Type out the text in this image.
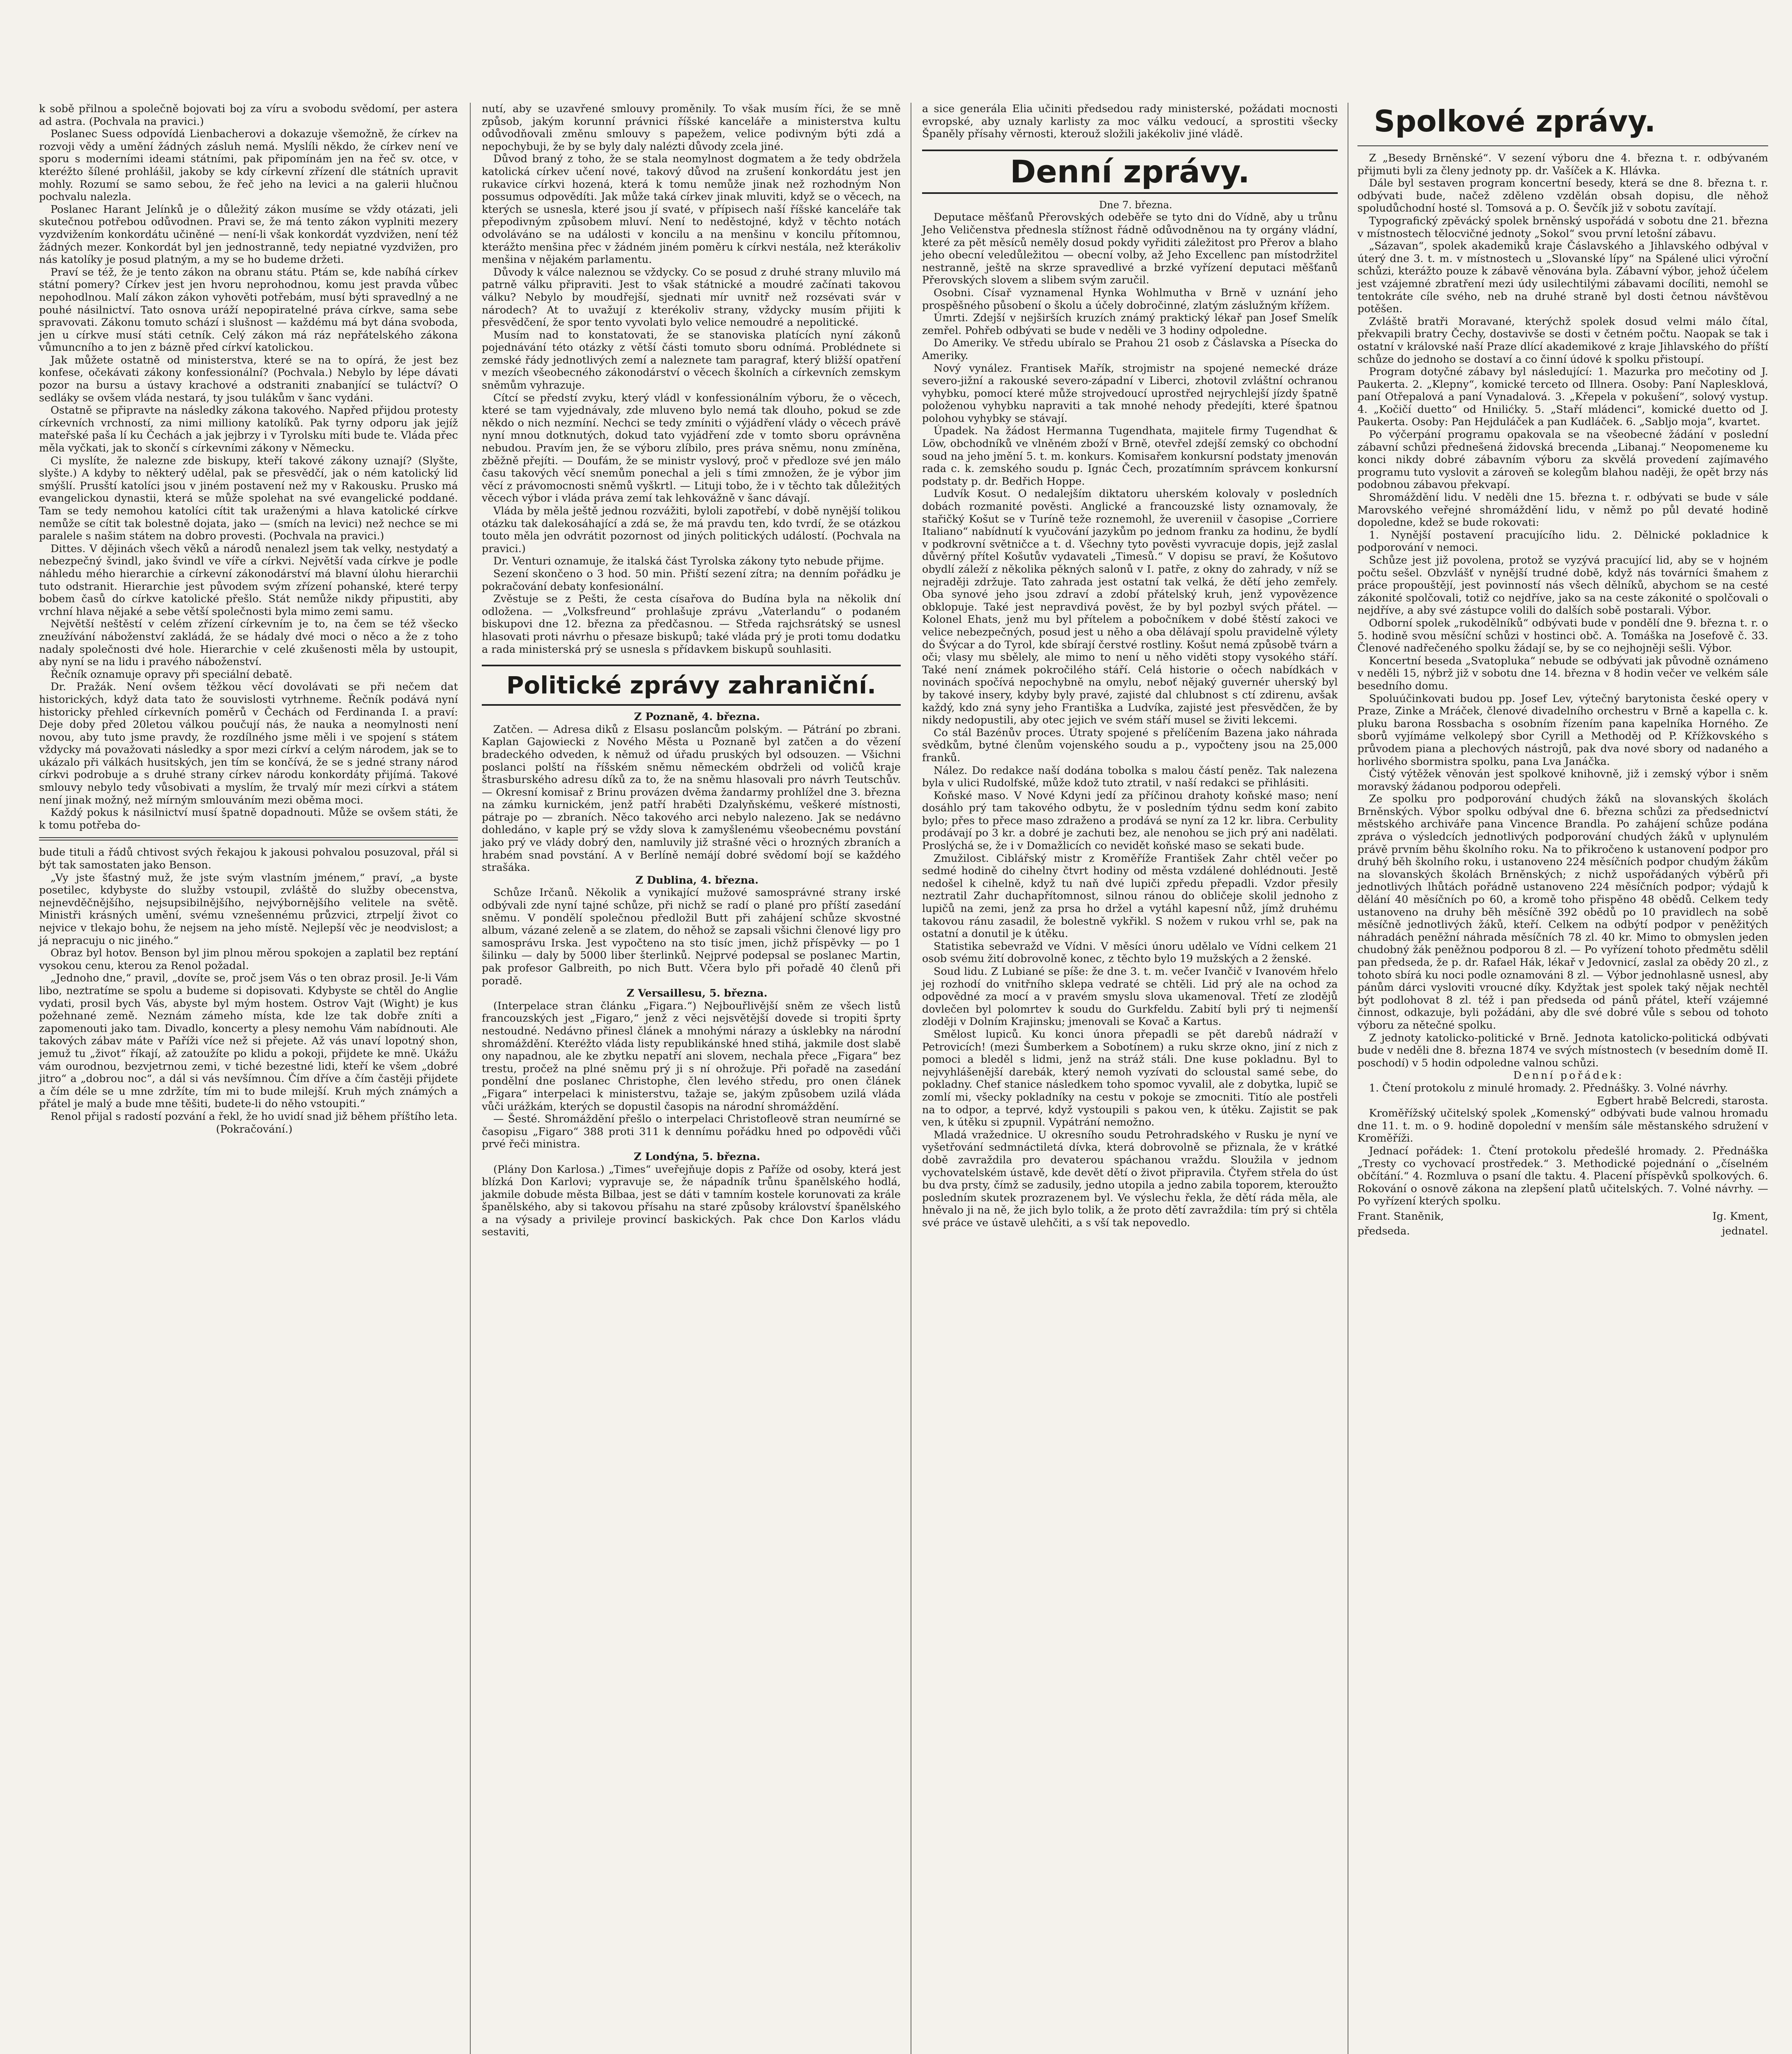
k sobě přilnou a společně bojovati boj za víru a svobodu svědomí, per astera ad astra. (Pochvala na pravici.)

Poslanec Suess odpovídá Lienbacherovi a dokazuje všemožně, že církev na rozvoji vědy a umění žádných zásluh nemá. Myslíli někdo, že církev není ve sporu s moderními ideami státními, pak připomínám jen na řeč sv. otce, v kteréžto šílené prohlášil, jakoby se kdy církevní zřízení dle státních upravit mohly. Rozumí se samo sebou, že řeč jeho na levici a na galerii hlučnou pochvalu nalezla.

Poslanec Harant Jelínků je o důležitý zákon musíme se vždy otázati, jeli skutečnou potřebou odůvodnen. Pravi se, že má tento zákon vyplniti mezery vyzdvižením konkordátu učiněné — není-li však konkordát vyzdvižen, není též žádných mezer. Konkordát byl jen jednostranně, tedy nepiatné vyzdvižen, pro nás katolíky je posud platným, a my se ho budeme držeti.

Praví se též, že je tento zákon na obranu státu. Ptám se, kde nabíhá církev státní pomery? Církev jest jen hvoru neprohodnou, komu jest pravda vůbec nepohodlnou. Malí zákon zákon vyhověti potřebám, musí býti spravedlný a ne pouhé násilnictví. Tato osnova uráží nepopiratelné práva církve, sama sebe spravovati. Zákonu tomuto schází i slušnost — každému má byt dána svoboda, jen u církve musí státi cetník. Celý zákon má ráz nepřátelského zákona vůmuncního a to jen z bázně před církví katolickou.

Jak můžete ostatně od ministerstva, které se na to opírá, že jest bez konfese, očekávati zákony konfessionální? (Pochvala.) Nebylo by lépe dávati pozor na bursu a ústavy krachové a odstraniti znabanjící se tuláctví? O sedláky se ovšem vláda nestará, ty jsou tulákům v šanc vydáni.

Ostatně se připravte na následky zákona takového. Napřed přijdou protesty církevních vrchností, za nimi milliony katolíků. Pak tyrny odporu jak jejíž mateřské paša lí ku Čechách a jak jejbrzy i v Tyrolsku míti bude te. Vláda přec měla vyčkati, jak to skončí s církevními zákony v Německu.

Ci myslíte, že nalezne zde biskupy, kteří takové zákony uznají? (Slyšte, slyšte.) A kdyby to některý udělal, pak se přesvědčí, jak o ném katolický lid smýšlí. Prusští katolíci jsou v jiném postavení než my v Rakousku. Prusko má evangelickou dynastii, která se může spolehat na své evangelické poddané. Tam se tedy nemohou katolíci cítit tak uraženými a hlava katolické církve nemůže se cítit tak bolestně dojata, jako — (smích na levici) než nechce se mi paralele s našim státem na dobro provesti. (Pochvala na pravici.)

Dittes. V dějinách všech věků a národů nenalezl jsem tak velky, nestydatý a nebezpečný švindl, jako švindl ve víře a církvi. Největší vada církve je podle náhledu mého hierarchie a církevní zákonodárství má blavní úlohu hierarchii tuto odstranit. Hierarchie jest původem svým zřízení pohanské, které terpy bobem časů do církve katolické přešlo. Stát nemůže nikdy připustiti, aby vrchní hlava nějaké a sebe větší společnosti byla mimo zemi samu.

Největší neštěstí v celém zřízení církevním je to, na čem se též všecko zneužívání náboženství zakládá, že se hádaly dvé moci o něco a že z toho nadaly společnosti dvé hole. Hierarchie v celé zkušenosti měla by ustoupit, aby nyní se na lidu i pravého náboženství.

Řečník oznamuje opravy při speciální debatě.

Dr. Pražák. Není ovšem těžkou věcí dovolávati se při nečem dat historických, když data tato že souvislosti vytrhneme. Řečník podává nyní historicky přehled církevních poměrů v Čechách od Ferdinanda I. a praví: Deje doby před 20letou válkou poučují nás, že nauka a neomylnosti není novou, aby tuto jsme pravdy, že rozdílného jsme měli i ve spojení s státem vždycky má považovati následky a spor mezi církví a celým národem, jak se to ukázalo při válkách husitských, jen tím se končívá, že se s jedné strany národ církvi podrobuje a s druhé strany církev národu konkordáty přijímá. Takové smlouvy nebylo tedy vůsobivati a myslím, že trvalý mír mezi církvi a státem není jinak možný, než mírným smlouváním mezi oběma moci.

Každý pokus k násilnictví musí špatně dopadnouti. Může se ovšem státi, že k tomu potřeba do-

bude tituli a řádů chtivost svých řekajou k jakousi pohvalou posuzoval, přál si být tak samostaten jako Benson.

„Vy jste šťastný muž, že jste svým vlastním jménem,“ praví, „a byste posetilec, kdybyste do služby vstoupil, zvláště do služby obecenstva, nejnevděčnějšího, nejsupsibilnějšího, nejvýbornějšího velitele na světě. Ministři krásných umění, svému vznešennému průzvici, ztrpeljí život co nejvice v tlekajo bohu, že nejsem na jeho místě. Nejlepší věc je neodvislost; a já nepracuju o nic jiného.“

Obraz byl hotov. Benson byl jim plnou měrou spokojen a zaplatil bez reptání vysokou cenu, kterou za Renol požadal.

„Jednoho dne,“ pravil, „dovíte se, proč jsem Vás o ten obraz prosil. Je-li Vám libo, neztratíme se spolu a budeme si dopisovati. Kdybyste se chtěl do Anglie vydati, prosil bych Vás, abyste byl mým hostem. Ostrov Vajt (Wight) je kus požehnané země. Neznám zámeho místa, kde lze tak dobře zníti a zapomenouti jako tam. Divadlo, koncerty a plesy nemohu Vám nabídnouti. Ale takových zábav máte v Paříži více než si přejete. Až vás unaví lopotný shon, jemuž tu „život“ říkají, až zatoužíte po klidu a pokoji, přijdete ke mně. Ukážu vám ourodnou, bezvjetrnou zemi, v tiché bezestné lidi, kteří ke všem „dobré jitro“ a „dobrou noc“, a dál si vás nevšímnou. Čím dříve a čím častěji přijdete a čím déle se u mne zdržíte, tím mi to bude milejší. Kruh mých známých a přátel je malý a bude mne těšiti, budete-li do něho vstoupiti.“

Renol přijal s radostí pozvání a řekl, že ho uvidí snad již během příštího leta.

(Pokračování.)

nutí, aby se uzavřené smlouvy proměnily. To však musím říci, že se mně způsob, jakým korunní právnici říšské kanceláře a ministerstva kultu odůvodňovali změnu smlouvy s papežem, velice podivným býti zdá a nepochybuji, že by se byly daly nalézti důvody zcela jiné.

Důvod braný z toho, že se stala neomylnost dogmatem a že tedy obdržela katolická církev učení nové, takový důvod na zrušení konkordátu jest jen rukavice církvi hozená, která k tomu nemůže jinak než rozhodným Non possumus odpovědíti. Jak může taká církev jinak mluviti, když se o věcech, na kterých se usnesla, které jsou jí svaté, v přípisech naší říšské kanceláře tak přepodivným způsobem mluví. Není to neděstojné, když v těchto notách odvoláváno se na události v koncilu a na menšinu v koncilu přítomnou, kterážto menšina přec v žádném jiném poměru k církvi nestála, než kterákoliv menšina v nějakém parlamentu.

Důvody k válce naleznou se vždycky. Co se posud z druhé strany mluvilo má patrně válku připraviti. Jest to však státnické a moudré začínati takovou válku? Nebylo by moudřejší, sjednati mír uvnitř než rozsévati svár v národech? At to uvažují z kterékoliv strany, vždycky musím přijiti k přesvědčení, že spor tento vyvolati bylo velice nemoudré a nepolitické.

Musím nad to konstatovati, že se stanoviska platících nyní zákonů pojednávání této otázky z větší části tomuto sboru odnímá. Problédnete si zemské řády jednotlivých zemí a naleznete tam paragraf, který bližší opatření v mezích všeobecného zákonodárství o věcech školních a církevních zemskym sněmům vyhrazuje.

Cítcí se předstí zvyku, který vládl v konfessionálním výboru, že o věcech, které se tam vyjednávaly, zde mluveno bylo nemá tak dlouho, pokud se zde někdo o nich nezmíní. Nechci se tedy zmíniti o výjádření vlády o věcech právě nyní mnou dotknutých, dokud tato vyjádření zde v tomto sboru oprávněna nebudou. Pravím jen, že se výboru zlíbilo, pres práva sněmu, nonu zmíněna, zběžně přejíti. — Doufám, že se ministr vyslový, proč v předloze své jen málo času takových věcí snemům ponechal a jeli s tími zmnožen, že je výbor jim věcí z právomocnosti sněmů vyškrtl. — Lituji tobo, že i v těchto tak důležitých věcech výbor i vláda práva zemí tak lehkovážně v šanc dávají.

Vláda by měla ještě jednou rozvážiti, byloli zapotřebí, v době nynější tolikou otázku tak dalekosáhající a zdá se, že má pravdu ten, kdo tvrdí, že se otázkou touto měla jen odvrátit pozornost od jiných politických událostí. (Pochvala na pravici.)

Dr. Venturi oznamuje, že italská část Tyrolska zákony tyto nebude přijme.

Sezení skončeno o 3 hod. 50 min. Přiští sezení zítra; na denním pořádku je pokračování debaty konfesionální.

Zvěstuje se z Pešti, že cesta císařova do Budína byla na několik dní odložena. — „Volksfreund“ prohlašuje zprávu „Vaterlandu“ o podaném biskupovi dne 12. března za předčasnou. — Středa rajchsrátský se usnesl hlasovati proti návrhu o přesaze biskupů; také vláda prý je proti tomu dodatku a rada ministerská prý se usnesla s přídavkem biskupů souhlasiti.

Politické zprávy zahraniční.

Z Poznaně, 4. března.

Zatčen. — Adresa diků z Elsasu poslancům polským. — Pátrání po zbrani. Kaplan Gajowiecki z Nového Města u Poznaně byl zatčen a do vězení bradeckého odveden, k němuž od úřadu pruských byl odsouzen. — Všichni poslanci polští na říšském sněmu německém obdrželi od voličů kraje štrasburského adresu díků za to, že na sněmu hlasovali pro návrh Teutschův. — Okresní komisař z Brinu provázen dvěma žandarmy prohlížel dne 3. března na zámku kurnickém, jenž patří hraběti Dzalyňskému, veškeré místnosti, pátraje po — zbraních. Něco takového arci nebylo nalezeno. Jak se nedávno dohledáno, v kaple prý se vždy slova k zamyšlenému všeobecnému povstání jako prý ve vlády dobrý den, namluvily již strašné věci o hrozných zbraních a hrabém snad povstání. A v Berlíně nemájí dobré svědomí bojí se každého strašáka.

Z Dublina, 4. března.

Schůze Irčanů. Několik a vynikající mužové samosprávné strany irské odbývali zde nyní tajné schůze, při nichž se radí o plané pro příští zasedání sněmu. V pondělí společnou předložil Butt při zahájení schůze skvostné album, vázané zeleně a se zlatem, do něhož se zapsali všichni členové ligy pro samosprávu Irska. Jest vypočteno na sto tisíc jmen, jichž příspěvky — po 1 šilinku — daly by 5000 liber šterlinků. Nejprvé podepsal se poslanec Martin, pak profesor Galbreith, po nich Butt. Včera bylo při pořadě 40 členů při poradě.

Z Versaillesu, 5. března.

(Interpelace stran článku „Figara.“) Nejbouřlivější sněm ze všech listů francouzských jest „Figaro,“ jenž z věci nejsvětější dovede si tropiti šprty nestoudné. Nedávno přinesl článek a mnohými nárazy a úsklebky na národní shromáždění. Kteréžto vláda listy republikánské hned stihá, jakmile dost slabě ony napadnou, ale ke zbytku nepatří ani slovem, nechala přece „Figara“ bez trestu, pročež na plné sněmu prý ji s ní ohrožuje. Při pořadě na zasedání pondělní dne poslanec Christophe, člen levého středu, pro onen článek „Figara“ interpelaci k ministerstvu, tažaje se, jakým způsobem uzilá vláda vůči urážkám, kterých se dopustil časopis na národní shromáždění.

— Šesté. Shromáždění přešlo o interpelaci Christofleově stran neumírné se časopisu „Figaro“ 388 proti 311 k dennímu pořádku hned po odpovědi vůči prvé řeči ministra.

Z Londýna, 5. března.

(Plány Don Karlosa.) „Times“ uveřejňuje dopis z Paříže od osoby, která jest blízká Don Karlovi; vypravuje se, že nápadník trůnu španělského hodlá, jakmile dobude města Bilbaa, jest se dáti v tamním kostele korunovati za krále španělského, aby si takovou přísahu na staré způsoby království španělského a na výsady a privileje provincí baskických. Pak chce Don Karlos vládu sestaviti,

a sice generála Elia učiniti předsedou rady ministerské, požádati mocnosti evropské, aby uznaly karlisty za moc válku vedoucí, a sprostiti všecky Španěly přísahy věrnosti, kterouž složili jakékoliv jiné vládě.

Denní zprávy.

Dne 7. března.

Deputace měšťanů Přerovských odeběře se tyto dni do Vídně, aby u trůnu Jeho Veličenstva přednesla stížnost řádně odůvodněnou na ty orgány vládní, které za pět měsíců neměly dosud pokdy vyřiditi záležitost pro Přerov a blaho jeho obecní veledůležitou — obecní volby, až Jeho Excellenc pan místodržitel nestranně, ještě na skrze spravedlivé a brzké vyřízení deputaci měšťanů Přerovských slovem a slibem svým zaručil.

Osobni. Císař vyznamenal Hynka Wohlmutha v Brně v uznání jeho prospěšného působení o školu a účely dobročinné, zlatým záslužným křížem.

Úmrti. Zdejší v nejširších kruzích známý praktický lékař pan Josef Smelík zemřel. Pohřeb odbývati se bude v neděli ve 3 hodiny odpoledne.

Do Ameriky. Ve středu ubíralo se Prahou 21 osob z Čáslavska a Písecka do Ameriky.

Nový vynález. Frantisek Mařík, strojmistr na spojené nemecké dráze severo-jižní a rakouské severo-západní v Liberci, zhotovil zvláštní ochranou vyhybku, pomocí které může strojvedoucí uprostřed nejrychlejší jízdy špatně položenou vyhybku napraviti a tak mnohé nehody předejíti, které špatnou polohou vyhybky se stávají.

Úpadek. Na žádost Hermanna Tugendhata, majitele firmy Tugendhat & Löw, obchodníků ve vlněném zboží v Brně, otevřel zdejší zemský co obchodní soud na jeho jmění 5. t. m. konkurs. Komisařem konkursní podstaty jmenován rada c. k. zemského soudu p. Ignác Čech, prozatímním správcem konkursní podstaty p. dr. Bedřich Hoppe.

Ludvík Kosut. O nedalejším diktatoru uherském kolovaly v posledních dobách rozmanité pověsti. Anglické a francouzské listy oznamovaly, že stařičký Košut se v Turíně teže roznemohl, že uvereniil v časopise „Corriere Italiano“ nabídnutí k vyučování jazykům po jednom franku za hodinu, že bydlí v podkrovní světničce a t. d. Všechny tyto pověsti vyvracuje dopis, jejž zaslal důvěrný přítel Košutův vydavateli „Timesů.“ V dopisu se praví, že Košutovo obydlí záleží z několika pěkných salonů v I. patře, z okny do zahrady, v níž se nejraději zdržuje. Tato zahrada jest ostatní tak velká, že dětí jeho zemřely. Oba synové jeho jsou zdraví a zdobí přátelský kruh, jenž vypovězence obklopuje. Také jest nepravdivá pověst, že by byl pozbyl svých přátel. — Kolonel Ehats, jenž mu byl přítelem a pobočníkem v dobé štěstí zakoci ve velice nebezpečných, posud jest u něho a oba dělávají spolu pravidelně výlety do Švýcar a do Tyrol, kde sbírají čerstvé rostliny. Košut nemá způsobě tvárn a oči; vlasy mu sbělely, ale mimo to není u něho viděti stopy vysokého stáří. Také není známek pokročilého stáří. Celá historie o očech nabídkách v novinách spočívá nepochybně na omylu, neboť nějaký guvernér uherský byl by takové insery, kdyby byly pravé, zajisté dal chlubnost s ctí zdirenu, avšak každý, kdo zná syny jeho Františka a Ludvíka, zajisté jest přesvědčen, že by nikdy nedopustili, aby otec jejich ve svém stáří musel se živiti lekcemi.

Co stál Bazénův proces. Útraty spojené s přelíčením Bazena jako náhrada svědkům, bytné členům vojenského soudu a p., vypočteny jsou na 25,000 franků.

Nález. Do redakce naší dodána tobolka s malou částí peněz. Tak nalezena byla v ulici Rudolfské, může kdož tuto ztratil, v naší redakci se přihlásiti.

Koňské maso. V Nové Kdyni jedí za příčinou drahoty koňské maso; není dosáhlo prý tam takového odbytu, že v posledním týdnu sedm koní zabito bylo; přes to přece maso zdraženo a prodává se nyní za 12 kr. libra. Cerbulity prodávají po 3 kr. a dobré je zachuti bez, ale nenohou se jich prý ani nadělati. Proslýchá se, že i v Domažlicích co nevidět koňské maso se sekati bude.

Zmužilost. Ciblářský mistr z Kroměříže František Zahr chtěl večer po sedmé hodině do cihelny čtvrt hodiny od města vzdálené dohlédnouti. Jestě nedošel k cihelně, když tu naň dvé lupiči zpředu přepadli. Vzdor přesily neztratil Zahr duchapřítomnost, silnou ránou do obličeje skolil jednoho z lupičů na zemi, jenž za prsa ho držel a vytáhl kapesní nůž, jímž druhému takovou ránu zasadil, že bolestně vykřikl. S nožem v rukou vrhl se, pak na ostatní a donutil je k útěku.

Statistika sebevražd ve Vídni. V měsíci únoru udělalo ve Vídni celkem 21 osob svému žití dobrovolně konec, z těchto bylo 19 mužských a 2 ženské.

Soud lidu. Z Lubiané se píše: že dne 3. t. m. večer Ivančič v Ivanovém hřelo jej rozhodí do vnitřního sklepa vedraté se chtěli. Lid prý ale na ochod za odpovědné za mocí a v pravém smyslu slova ukamenoval. Třetí ze zlodějů dovlečen byl polomrtev k soudu do Gurkfeldu. Zabití byli prý ti nejmenší zloději v Dolním Krajinsku; jmenovali se Kovač a Kartus.

Smělost lupiců. Ku konci února přepadli se pět darebů nádraží v Petrovicích! (mezi Šumberkem a Sobotínem) a ruku skrze okno, jiní z nich z pomoci a bleděl s lidmi, jenž na stráž stáli. Dne kuse pokladnu. Byl to nejvyhlášenější darebák, který nemoh vyzívati do scloustal samé sebe, do pokladny. Chef stanice následkem toho spomoc vyvalil, ale z dobytka, lupič se zomlí mi, všecky pokladníky na cestu v pokoje se zmocniti. Titío ale postřeli na to odpor, a teprvé, když vystoupili s pakou ven, k útěku. Zajistit se pak ven, k útěku si zpupnil. Vypátrání nemožno.

Mladá vražednice. U okresního soudu Petrohradského v Rusku je nyní ve vyšetřování sedmnáctiletá dívka, která dobrovolně se přiznala, že v krátké době zavraždila pro devaterou spáchanou vraždu. Sloužila v jednom vychovatelském ústavě, kde devět dětí o život připravila. Čtyřem střela do úst bu dva prsty, čímž se zadusily, jedno utopila a jedno zabila toporem, kteroužto posledním skutek prozrazenem byl. Ve výslechu řekla, že dětí ráda měla, ale hněvalo ji na ně, že jich bylo tolik, a že proto dětí zavraždila: tím prý si chtěla své práce ve ústavě ulehčiti, a s vší tak nepovedlo.

Spolkové zprávy.

Z „Besedy Brněnské“. V sezení výboru dne 4. března t. r. odbývaném přijmuti byli za členy jednoty pp. dr. Vašíček a K. Hlávka.

Dále byl sestaven program koncertní besedy, která se dne 8. března t. r. odbývati bude, načež zděleno vzdělán obsah dopisu, dle něhož spoludůchodní hosté sl. Tomsová a p. O. Ševčík již v sobotu zavítají.

Typografický zpěvácký spolek brněnský uspořádá v sobotu dne 21. března v místnostech tělocvičné jednoty „Sokol“ svou první letošní zábavu.

„Sázavan“, spolek akademiků kraje Čáslavského a Jihlavského odbýval v úterý dne 3. t. m. v místnostech u „Slovanské lípy“ na Spálené ulici výroční schůzi, kterážto pouze k zábavě věnována byla. Zábavní výbor, jehož účelem jest vzájemné zbratření mezi údy usilechtilými zábavami docíliti, nemohl se tentokráte cíle svého, neb na druhé straně byl dosti četnou návštěvou potěšen.

Zvláště bratři Moravané, kterýchž spolek dosud velmi málo čítal, překvapili bratry Čechy, dostavivše se dosti v četném počtu. Naopak se tak i ostatní v královské naší Praze dlící akademikové z kraje Jihlavského do příští schůze do jednoho se dostaví a co činní údové k spolku přistoupí.

Program dotyčné zábavy byl následující: 1. Mazurka pro mečotiny od J. Paukerta. 2. „Klepny“, komické terceto od Illnera. Osoby: Paní Naplesklová, paní Otřepalová a paní Vynadalová. 3. „Křepela v pokušení“, solový vystup. 4. „Kočičí duetto“ od Hnilićky. 5. „Staří mládenci“, komické duetto od J. Paukerta. Osoby: Pan Hejduláček a pan Kudláček. 6. „Sabljo moja“, kvartet.

Po výčerpání programu opakovala se na všeobecné žádání v poslední zábavní schůzi přednešená židovská brecenda „Libanaj.“ Neopomeneme ku konci nikdy dobré zábavním výboru za skvělá provedení zajímavého programu tuto vyslovit a zároveň se kolegům blahou naději, že opět brzy nás podobnou zábavou překvapí.

Shromáždění lidu. V neděli dne 15. března t. r. odbývati se bude v sále Marovského veřejné shromáždění lidu, v němž po půl devaté hodině dopoledne, kdež se bude rokovati:

1. Nynější postavení pracujícího lidu. 2. Dělnické pokladnice k podporování v nemoci.

Schůze jest již povolena, protož se vyzývá pracující lid, aby se v hojném počtu sešel. Obzvlášť v nynější trudné době, když nás továrníci šmahem z práce propouštějí, jest povinností nás všech dělníků, abychom se na cesté zákonité spolčovali, totiž co nejdříve, jako sa na ceste zákonité o spolčovali o nejdříve, a aby své zástupce volili do dalších sobě postarali. Výbor.

Odborní spolek „rukodělníků“ odbývati bude v pondělí dne 9. března t. r. o 5. hodině svou měsíční schůzi v hostinci obč. A. Tomáška na Josefově č. 33. Členové nadřečeného spolku žádají se, by se co nejhojněji sešli. Výbor.

Koncertní beseda „Svatopluka“ nebude se odbývati jak původně oznámeno v neděli 15, nýbrž již v sobotu dne 14. března v 8 hodin večer ve velkém sále besedního domu.

Spoluúčinkovati budou pp. Josef Lev, výtečný barytonista české opery v Praze, Zinke a Mráček, členové divadelního orchestru v Brně a kapella c. k. pluku barona Rossbacha s osobním řízením pana kapelníka Horného. Ze sborů vyjímáme velkolepý sbor Cyrill a Methoděj od P. Křížkovského s průvodem piana a plechových nástrojů, pak dva nové sbory od nadaného a horlivého sbormistra spolku, pana Lva Janáčka.

Čistý výtěžek věnován jest spolkové knihovně, již i zemský výbor i sněm moravský žádanou podporou odepřeli.

Ze spolku pro podporování chudých žáků na slovanských školách Brněnských. Výbor spolku odbýval dne 6. března schůzi za předsednictví městského archiváře pana Vincence Brandla. Po zahájení schůze podána zpráva o výsledcích jednotlivých podporování chudých žáků v uplynulém právě prvním běhu školního roku. Na to přikročeno k ustanovení podpor pro druhý běh školního roku, i ustanoveno 224 měsíčních podpor chudým žákům na slovanských školách Brněnských; z nichž uspořádaných výběrů při jednotlivých lhůtách pořádně ustanoveno 224 měsíčních podpor; výdajů k dělání 40 měsíčních po 60, a kromě toho přispěno 48 obědů. Celkem tedy ustanoveno na druhy běh měsíčně 392 obědů po 10 pravidlech na sobě měsíčně jednotlivých žáků, kteří. Celkem na odbýtí podpor v peněžitých náhradách peněžní náhrada měsíčních 78 zl. 40 kr. Mimo to obmyslen jeden chudobný žák peněžnou podporou 8 zl. — Po vyřízení tohoto předmětu sdělil pan předseda, že p. dr. Rafael Hák, lékař v Jedovnicí, zaslal za obědy 20 zl., z tohoto sbírá ku noci podle oznamováni 8 zl. — Výbor jednohlasně usnesl, aby pánům dárci vysloviti vroucné díky. Kdyžtak jest spolek taký nějak nechtěl být podlohovat 8 zl. též i pan předseda od pánů přátel, kteří vzájemné činnost, odkazuje, byli požádáni, aby dle své dobré vůle s sebou od tohoto výboru za nětečné spolku.

Z jednoty katolicko-politické v Brně. Jednota katolicko-politická odbývati bude v neděli dne 8. března 1874 ve svých místnostech (v besedním domě II. poschodí) v 5 hodin odpoledne valnou schůzi.

Denní pořádek:

1. Čtení protokolu z minulé hromady. 2. Přednášky. 3. Volné návrhy.

Egbert hrabě Belcredi, starosta.

Kroměřížský učitelský spolek „Komenský“ odbývati bude valnou hromadu dne 11. t. m. o 9. hodině dopolední v menším sále městanského sdružení v Kroměříži.

Jednací pořádek: 1. Čtení protokolu předešlé hromady. 2. Přednáška „Tresty co vychovací prostředek.“ 3. Methodické pojednání o „číselném občítání.“ 4. Rozmluva o psaní dle taktu. 4. Placení příspěvků spolkových. 6. Rokování o osnově zákona na zlepšení platů učitelských. 7. Volné návrhy. — Po vyřízení kterých spolku.

Frant. Staněnik,	Ig. Kment,
předseda.	jednatel.
